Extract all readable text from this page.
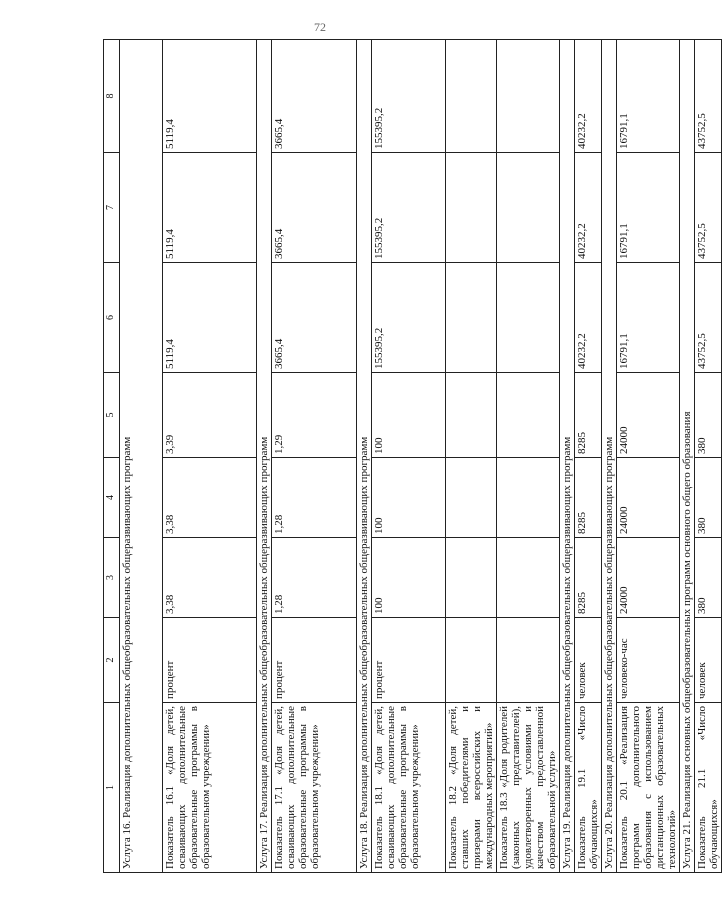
72
1	2	3	4	5	6	7	8
Услуга 16. Реализация дополнительных общеобразовательных общеразвивающих программ							
Показатель 16.1 «Доля детей, осваивающих дополнительные образовательные программы в образовательном учреждении»	процент	3,38	3,38	3,39	5119,4	5119,4	5119,4
Услуга 17. Реализация дополнительных общеобразовательных общеразвивающих программ							
Показатель 17.1 «Доля детей, осваивающих дополнительные образовательные программы в образовательном учреждении»	процент	1,28	1,28	1,29	3665,4	3665,4	3665,4
Услуга 18. Реализация дополнительных общеобразовательных общеразвивающих программ							
Показатель 18.1 «Доля детей, осваивающих дополнительные образовательные программы в образовательном учреждении»	процент	100	100	100	155395,2	155395,2	155395,2
Показатель 18.2 «Доля детей, ставших победителями и призерами всероссийских и международных мероприятий»							
Показатель 18.3 «Доля родителей (законных представителей), удовлетворенных условиями и качеством предоставленной образовательной услуги»							
Услуга 19. Реализация дополнительных общеобразовательных общеразвивающих программ							
Показатель 19.1 «Число обучающихся»	человек	8285	8285	8285	40232,2	40232,2	40232,2
Услуга 20. Реализация дополнительных общеобразовательных общеразвивающих программ							
Показатель 20.1 «Реализация программ дополнительного образования с использованием дистанционных образовательных технологий»	человеко-час	24000	24000	24000	16791,1	16791,1	16791,1
Услуга 21. Реализация основных общеобразовательных программ основного общего образования							
Показатель 21.1 «Число обучающихся»	человек	380	380	380	43752,5	43752,5	43752,5
